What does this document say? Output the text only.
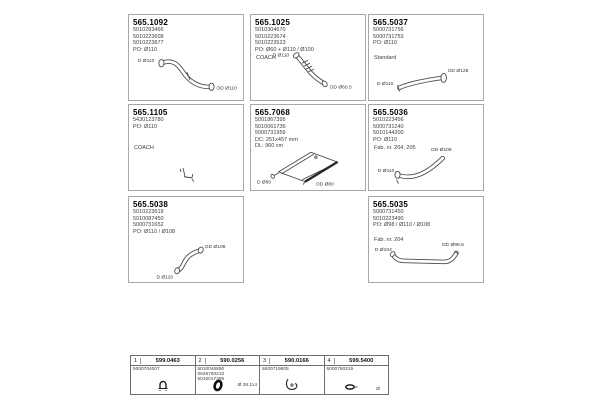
565.1092
5010283466
5010223608
5010223877
PO: Ø110
D Ø110
OD Ø110
565.1025
5010304670
5010223674
5010223523
PO: Ø60 + Ø110 / Ø100
COACH
D Ø110
OD Ø60.5
565.5037
5000731756
5000731753
PO: Ø110
Standard
D Ø110
OD Ø128
565.1105
5430123780
PO: Ø110
COACH
565.7068
5001867395
5010061736
5000731959
DC: 251x457 mm
DL: 960 cm
D Ø80	OD Ø80
565.5036
5010223456
5000731240
5010144200
PO: Ø110
Fab. nr. 204, 205
D Ø110
OD Ø109
565.5038
5010223619
5010087450
5000731652
PO: Ø110 / Ø108
OD Ø108
D Ø110
565.5035
5000731450
5010223490
PO: Ø98 / Ø110 / Ø108
Fab. nr. 204
D Ø104
OD Ø98.5
1	599.0463
5000704007
2	590.0256
5010046890
0626760210
5010017395
Ø 38.114
3	590.0166
5000719605
4	599.5400
5000750315
Ø
